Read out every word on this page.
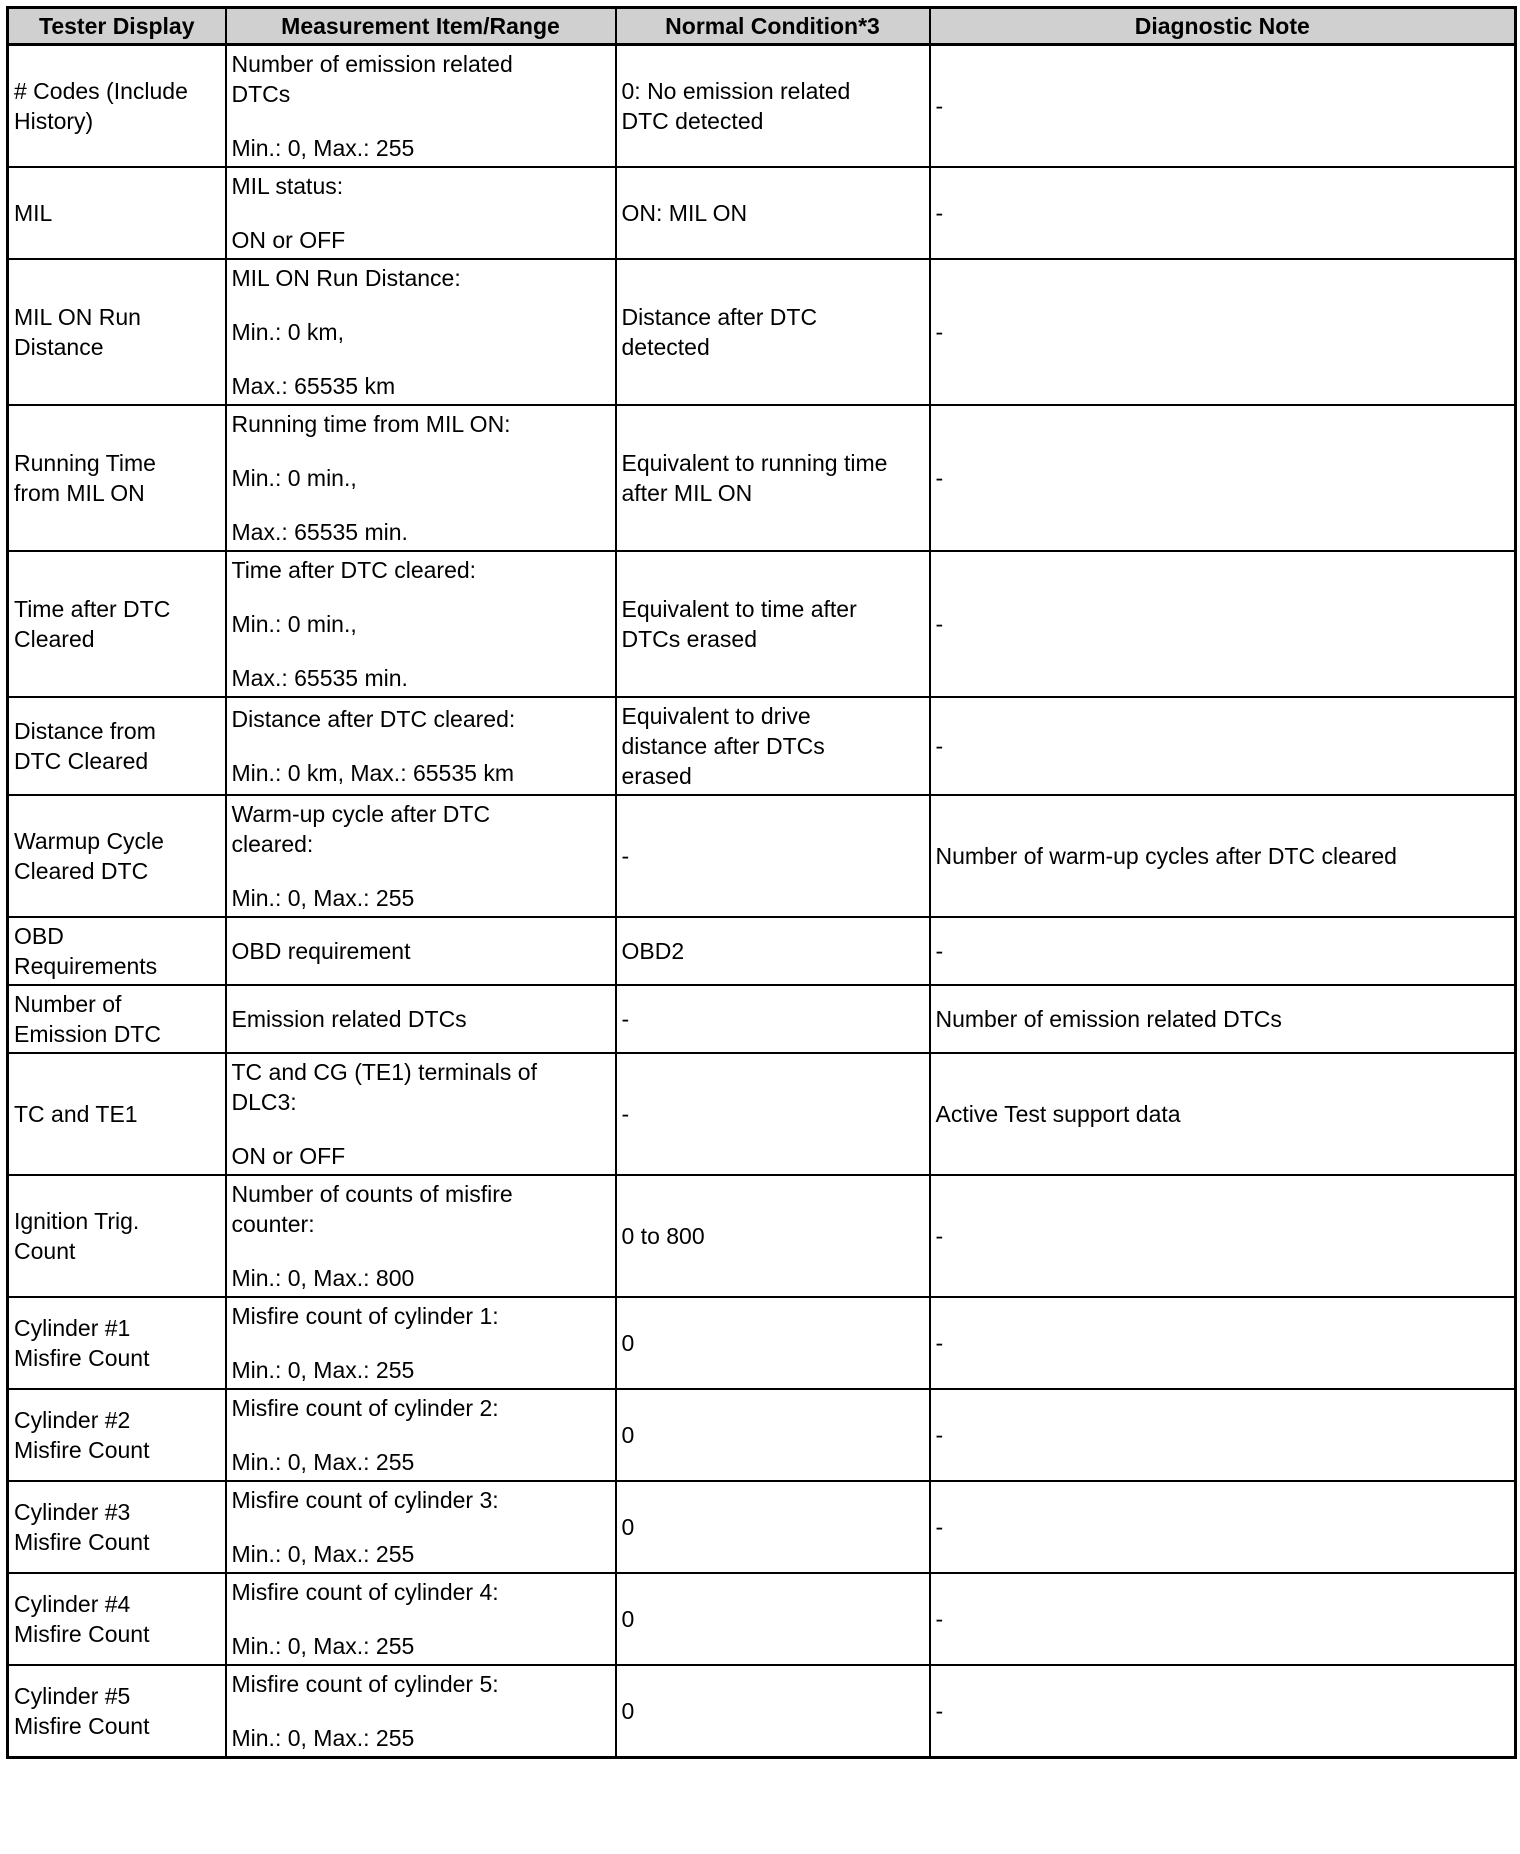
Tester Display	Measurement Item/Range	Normal Condition*3	Diagnostic Note

# Codes (Include
History)	Number of emission related
DTCs
Min.: 0, Max.: 255	0: No emission related
DTC detected	-

MIL	MIL status:
ON or OFF	ON: MIL ON	-

MIL ON Run
Distance	MIL ON Run Distance:
Min.: 0 km,
Max.: 65535 km	Distance after DTC
detected	-

Running Time
from MIL ON	Running time from MIL ON:
Min.: 0 min.,
Max.: 65535 min.	Equivalent to running time
after MIL ON	-

Time after DTC
Cleared	Time after DTC cleared:
Min.: 0 min.,
Max.: 65535 min.	Equivalent to time after
DTCs erased	-

Distance from
DTC Cleared	Distance after DTC cleared:
Min.: 0 km, Max.: 65535 km	Equivalent to drive
distance after DTCs
erased	-

Warmup Cycle
Cleared DTC	Warm-up cycle after DTC
cleared:
Min.: 0, Max.: 255	-	Number of warm-up cycles after DTC cleared

OBD
Requirements	OBD requirement	OBD2	-

Number of
Emission DTC	Emission related DTCs	-	Number of emission related DTCs

TC and TE1	TC and CG (TE1) terminals of
DLC3:
ON or OFF	-	Active Test support data

Ignition Trig.
Count	Number of counts of misfire
counter:
Min.: 0, Max.: 800	0 to 800	-

Cylinder #1
Misfire Count	Misfire count of cylinder 1:
Min.: 0, Max.: 255	0	-

Cylinder #2
Misfire Count	Misfire count of cylinder 2:
Min.: 0, Max.: 255	0	-

Cylinder #3
Misfire Count	Misfire count of cylinder 3:
Min.: 0, Max.: 255	0	-

Cylinder #4
Misfire Count	Misfire count of cylinder 4:
Min.: 0, Max.: 255	0	-

Cylinder #5
Misfire Count	Misfire count of cylinder 5:
Min.: 0, Max.: 255	0	-
